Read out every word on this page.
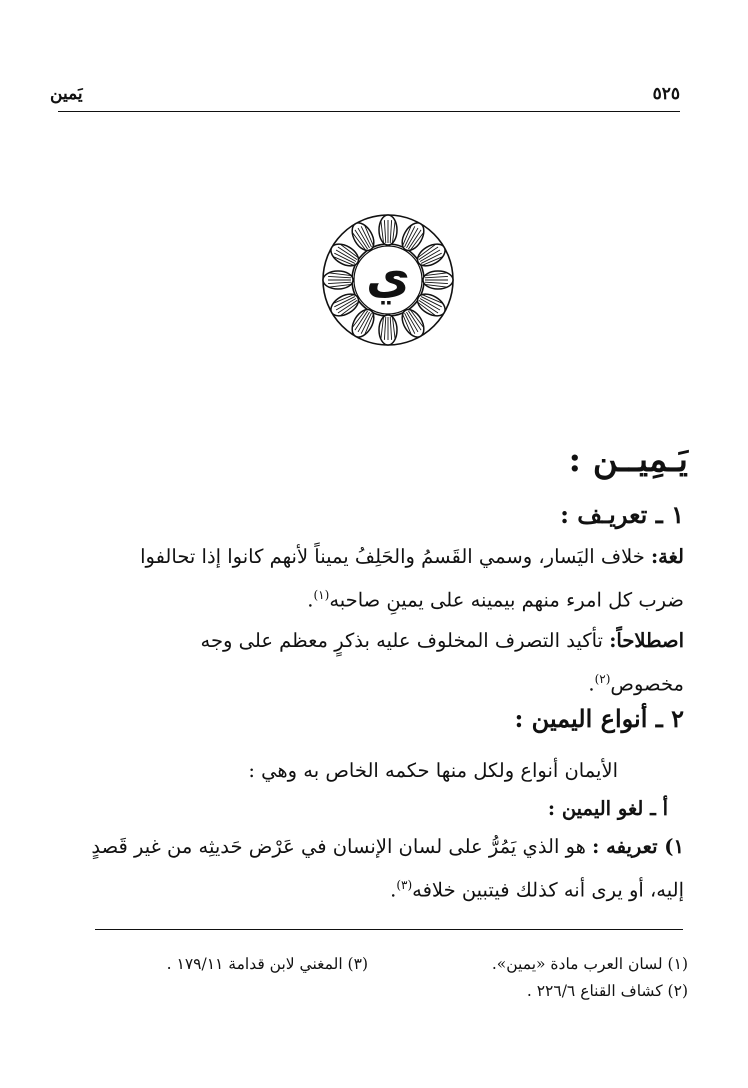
٥٢٥
يَمين
ي
يَـمِيــن :
١ ـ تعريـف :
لغة: خلاف اليَسار، وسمي القَسمُ والحَلِفُ يميناً لأنهم كانوا إذا تحالفوا
ضرب كل امرء منهم بيمينه على يمينِ صاحبه$^{(١)}$.
اصطلاحاً: تأكيد التصرف المخلوف عليه بذكرٍ معظم على وجه
مخصوص$^{(٢)}$.
٢ ـ أنواع اليمين :
الأيمان أنواع ولكل منها حكمه الخاص به وهي :
أ ـ لغو اليمين :
١) تعريفه : هو الذي يَمُرُّ على لسان الإنسان في عَرْض حَديثِه من غير قَصدٍ
إليه، أو يرى أنه كذلك فيتبين خلافه$^{(٣)}$.
(١) لسان العرب مادة «يمين».
(٢) كشاف القناع ٢٢٦/٦ .
(٣) المغني لابن قدامة ١٧٩/١١ .
